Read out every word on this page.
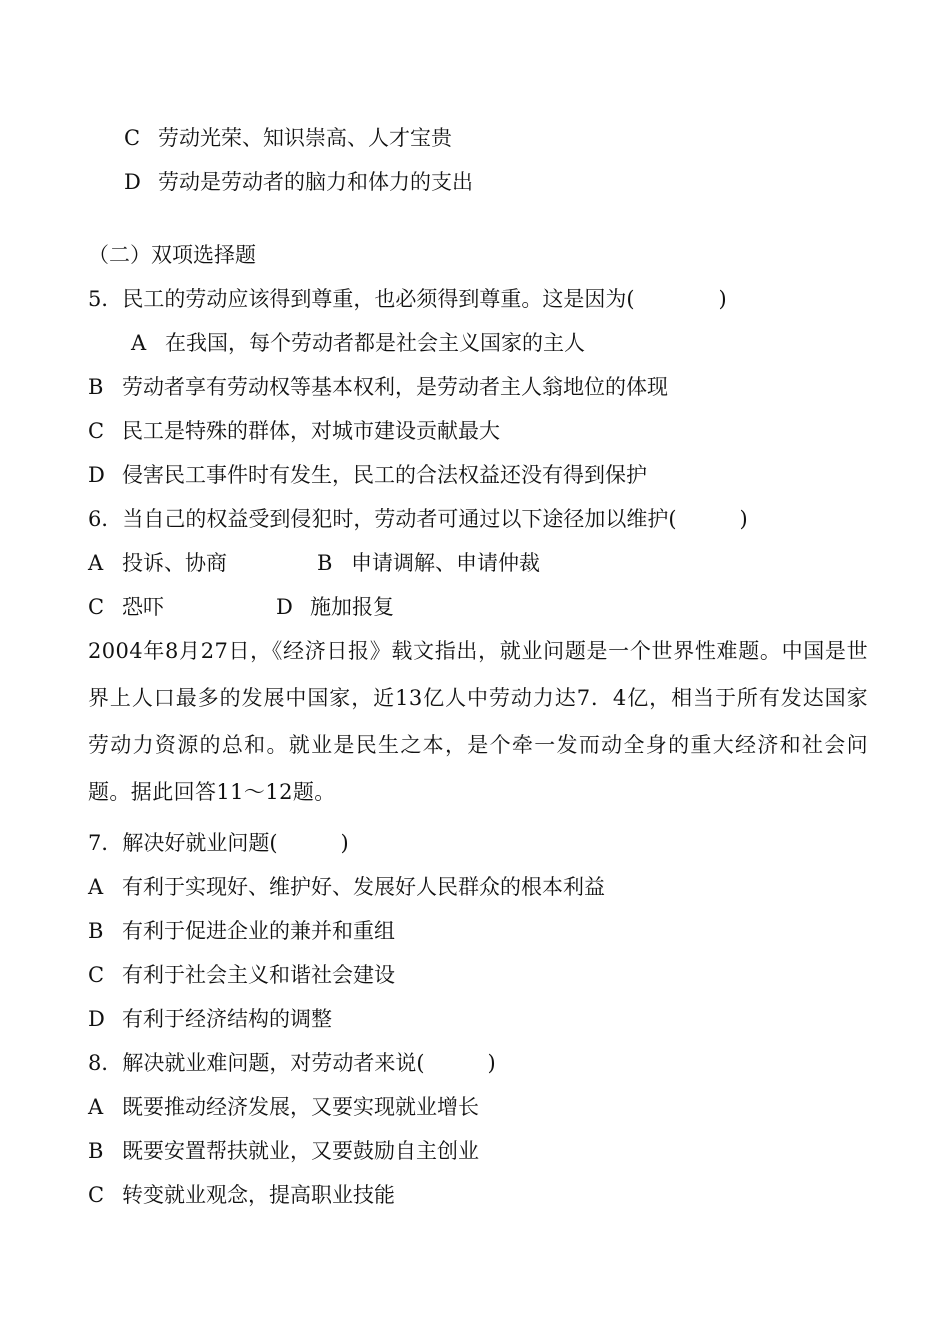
C 劳动光荣、知识崇高、人才宝贵
D 劳动是劳动者的脑力和体力的支出
（二）双项选择题
5．民工的劳动应该得到尊重，也必须得到尊重。这是因为(　　　　)
A 在我国，每个劳动者都是社会主义国家的主人
B 劳动者享有劳动权等基本权利，是劳动者主人翁地位的体现
C 民工是特殊的群体，对城市建设贡献最大
D 侵害民工事件时有发生，民工的合法权益还没有得到保护
6．当自己的权益受到侵犯时，劳动者可通过以下途径加以维护(　　　)
A 投诉、协商	B 申请调解、申请仲裁
C 恐吓	D 施加报复
2004年8月27日，《经济日报》载文指出，就业问题是一个世界性难题。中国是世界上人口最多的发展中国家，近13亿人中劳动力达7．4亿，相当于所有发达国家劳动力资源的总和。就业是民生之本，是个牵一发而动全身的重大经济和社会问题。据此回答11～12题。
7．解决好就业问题(　　　)
A 有利于实现好、维护好、发展好人民群众的根本利益
B 有利于促进企业的兼并和重组
C 有利于社会主义和谐社会建设
D 有利于经济结构的调整
8．解决就业难问题，对劳动者来说(　　　)
A 既要推动经济发展，又要实现就业增长
B 既要安置帮扶就业，又要鼓励自主创业
C 转变就业观念，提高职业技能
